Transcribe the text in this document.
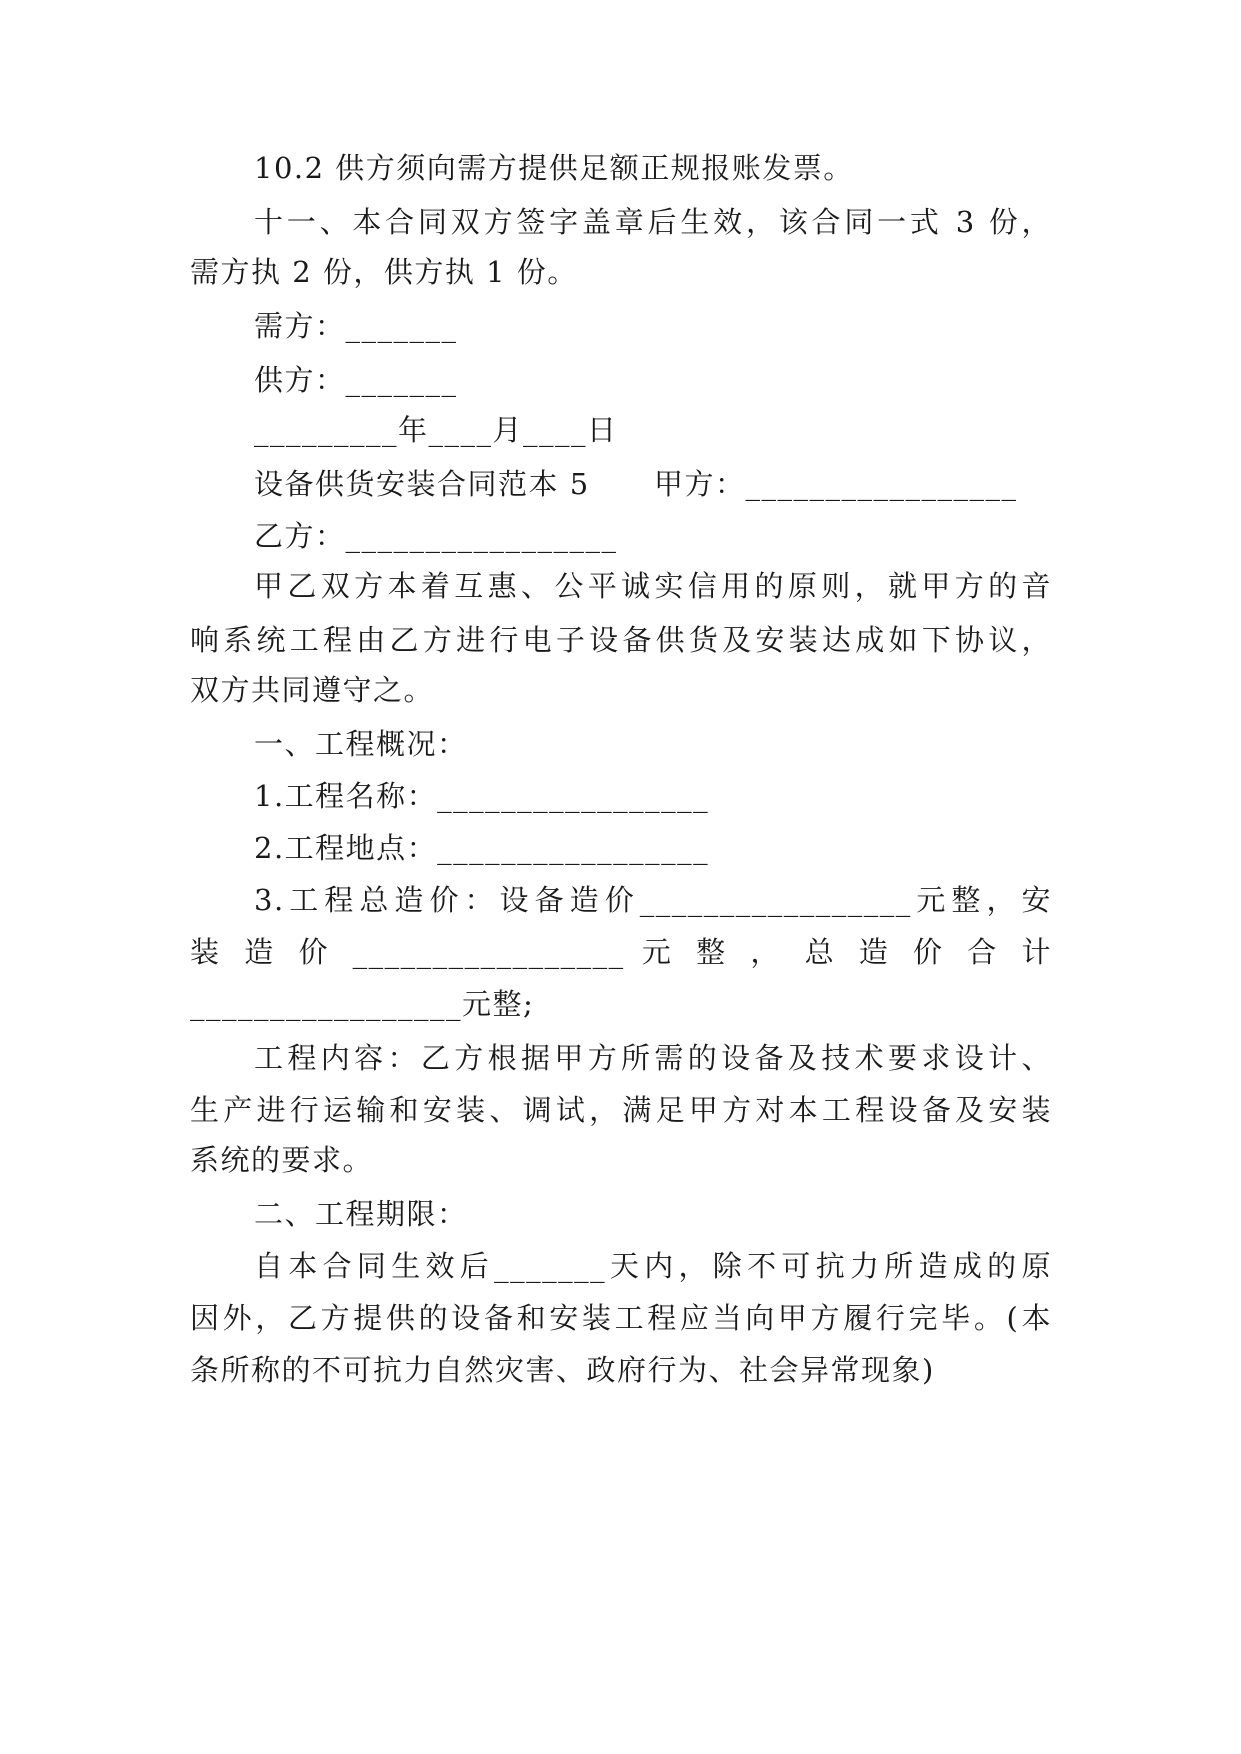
10.2 供方须向需方提供足额正规报账发票。
十一、本合同双方签字盖章后生效，该合同一式 3 份，
需方执 2 份，供方执 1 份。
需方：_______
供方：_______
_________年____月____日
设备供货安装合同范本 5      甲方：_________________
乙方：_________________
甲乙双方本着互惠、公平诚实信用的原则，就甲方的音
响系统工程由乙方进行电子设备供货及安装达成如下协议，
双方共同遵守之。
一、工程概况：
1.工程名称：_________________
2.工程地点：_________________
3.工程总造价：设备造价_________________元整，安
装 造 价 _________________ 元 整 ， 总 造 价 合 计
_________________元整;
工程内容：乙方根据甲方所需的设备及技术要求设计、
生产进行运输和安装、调试，满足甲方对本工程设备及安装
系统的要求。
二、工程期限：
自本合同生效后_______天内，除不可抗力所造成的原
因外，乙方提供的设备和安装工程应当向甲方履行完毕。(本
条所称的不可抗力自然灾害、政府行为、社会异常现象)
